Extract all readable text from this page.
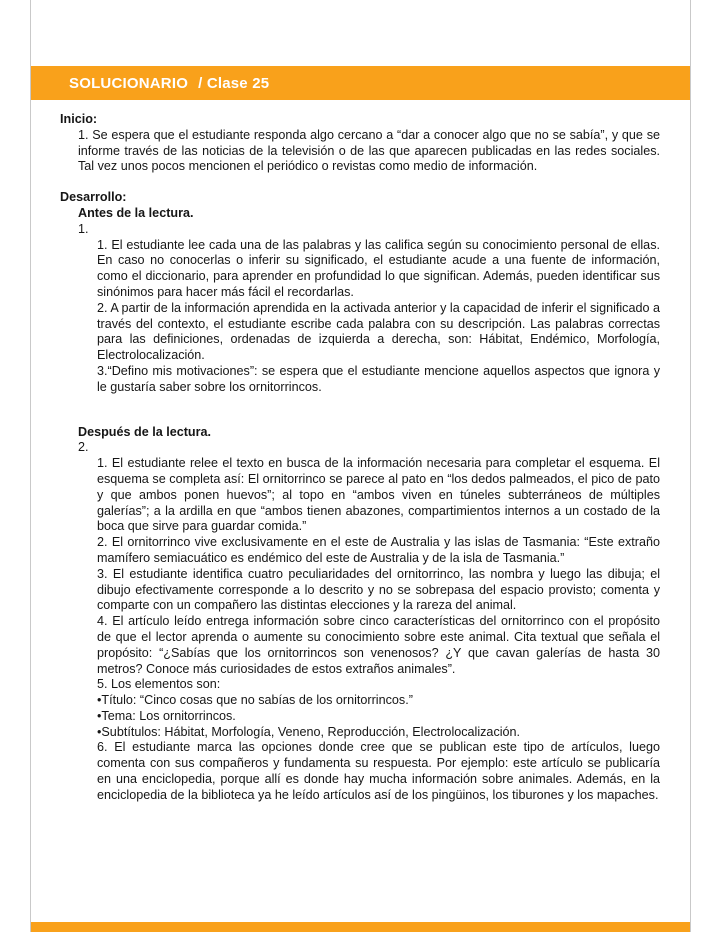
SOLUCIONARIO / Clase 25

Inicio:

1. Se espera que el estudiante responda algo cercano a “dar a conocer algo que no se sabía”, y que se informe través de las noticias de la televisión o de las que aparecen publicadas en las redes sociales. Tal vez unos pocos mencionen el periódico o revistas como medio de información.

Desarrollo:

Antes de la lectura.

1.

1. El estudiante lee cada una de las palabras y las califica según su conocimiento personal de ellas. En caso no conocerlas o inferir su significado, el estudiante acude a una fuente de información, como el diccionario, para aprender en profundidad lo que significan. Además, pueden identificar sus sinónimos para hacer más fácil el recordarlas.

2. A partir de la información aprendida en la activada anterior y la capacidad de inferir el significado a través del contexto, el estudiante escribe cada palabra con su descripción. Las palabras correctas para las definiciones, ordenadas de izquierda a derecha, son: Hábitat, Endémico, Morfología, Electrolocalización.

3.“Defino mis motivaciones”: se espera que el estudiante mencione aquellos aspectos que ignora y le gustaría saber sobre los ornitorrincos.

Después de la lectura.

2.

1. El estudiante relee el texto en busca de la información necesaria para completar el esquema. El esquema se completa así: El ornitorrinco se parece al pato en “los dedos palmeados, el pico de pato y que ambos ponen huevos”; al topo en “ambos viven en túneles subterráneos de múltiples galerías”; a la ardilla en que “ambos tienen abazones, compartimientos internos a un costado de la boca que sirve para guardar comida.”

2. El ornitorrinco vive exclusivamente en el este de Australia y las islas de Tasmania: “Este extraño mamífero semiacuático es endémico del este de Australia y de la isla de Tasmania.”

3. El estudiante identifica cuatro peculiaridades del ornitorrinco, las nombra y luego las dibuja; el dibujo efectivamente corresponde a lo descrito y no se sobrepasa del espacio provisto; comenta y comparte con un compañero las distintas elecciones y la rareza del animal.

4. El artículo leído entrega información sobre cinco características del ornitorrinco con el propósito de que el lector aprenda o aumente su conocimiento sobre este animal. Cita textual que señala el propósito: “¿Sabías que los ornitorrincos son venenosos? ¿Y que cavan galerías de hasta 30 metros? Conoce más curiosidades de estos extraños animales”.

5. Los elementos son:

•Título: “Cinco cosas que no sabías de los ornitorrincos.”

•Tema: Los ornitorrincos.

•Subtítulos: Hábitat, Morfología, Veneno, Reproducción, Electrolocalización.

6. El estudiante marca las opciones donde cree que se publican este tipo de artículos, luego comenta con sus compañeros y fundamenta su respuesta. Por ejemplo: este artículo se publicaría en una enciclopedia, porque allí es donde hay mucha información sobre animales. Además, en la enciclopedia de la biblioteca ya he leído artículos así de los pingüinos, los tiburones y los mapaches.
